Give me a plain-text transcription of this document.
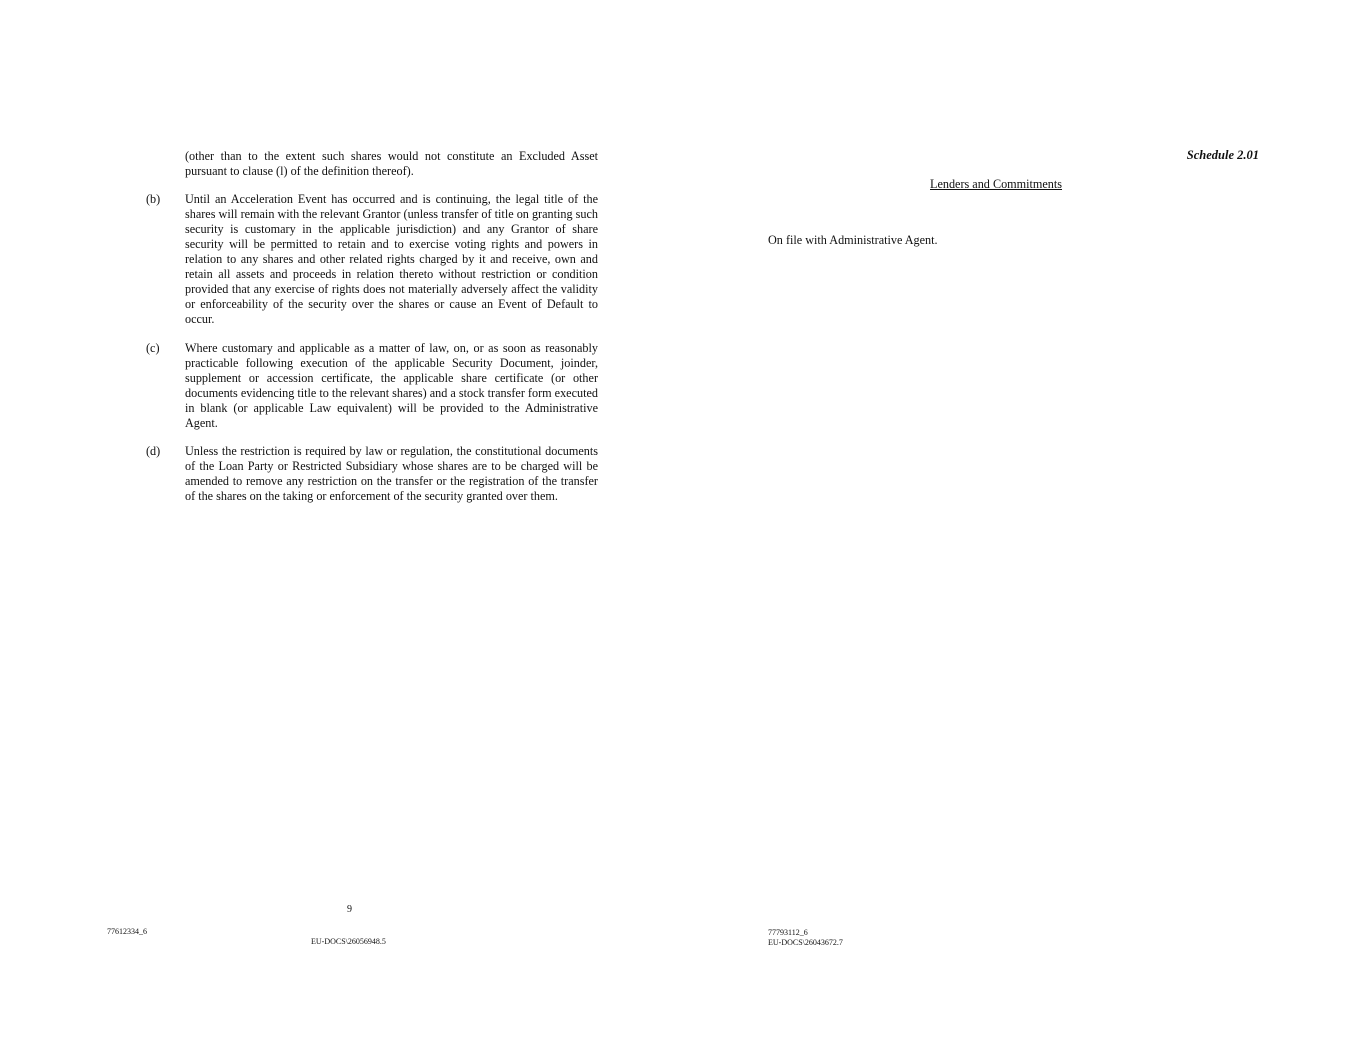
(other than to the extent such shares would not constitute an Excluded Asset pursuant to clause (l) of the definition thereof).
(b) Until an Acceleration Event has occurred and is continuing, the legal title of the shares will remain with the relevant Grantor (unless transfer of title on granting such security is customary in the applicable jurisdiction) and any Grantor of share security will be permitted to retain and to exercise voting rights and powers in relation to any shares and other related rights charged by it and receive, own and retain all assets and proceeds in relation thereto without restriction or condition provided that any exercise of rights does not materially adversely affect the validity or enforceability of the security over the shares or cause an Event of Default to occur.
(c) Where customary and applicable as a matter of law, on, or as soon as reasonably practicable following execution of the applicable Security Document, joinder, supplement or accession certificate, the applicable share certificate (or other documents evidencing title to the relevant shares) and a stock transfer form executed in blank (or applicable Law equivalent) will be provided to the Administrative Agent.
(d) Unless the restriction is required by law or regulation, the constitutional documents of the Loan Party or Restricted Subsidiary whose shares are to be charged will be amended to remove any restriction on the transfer or the registration of the transfer of the shares on the taking or enforcement of the security granted over them.
9
77612334_6
EU-DOCS\26056948.5
Schedule 2.01
Lenders and Commitments
On file with Administrative Agent.
77793112_6
EU-DOCS\26043672.7
